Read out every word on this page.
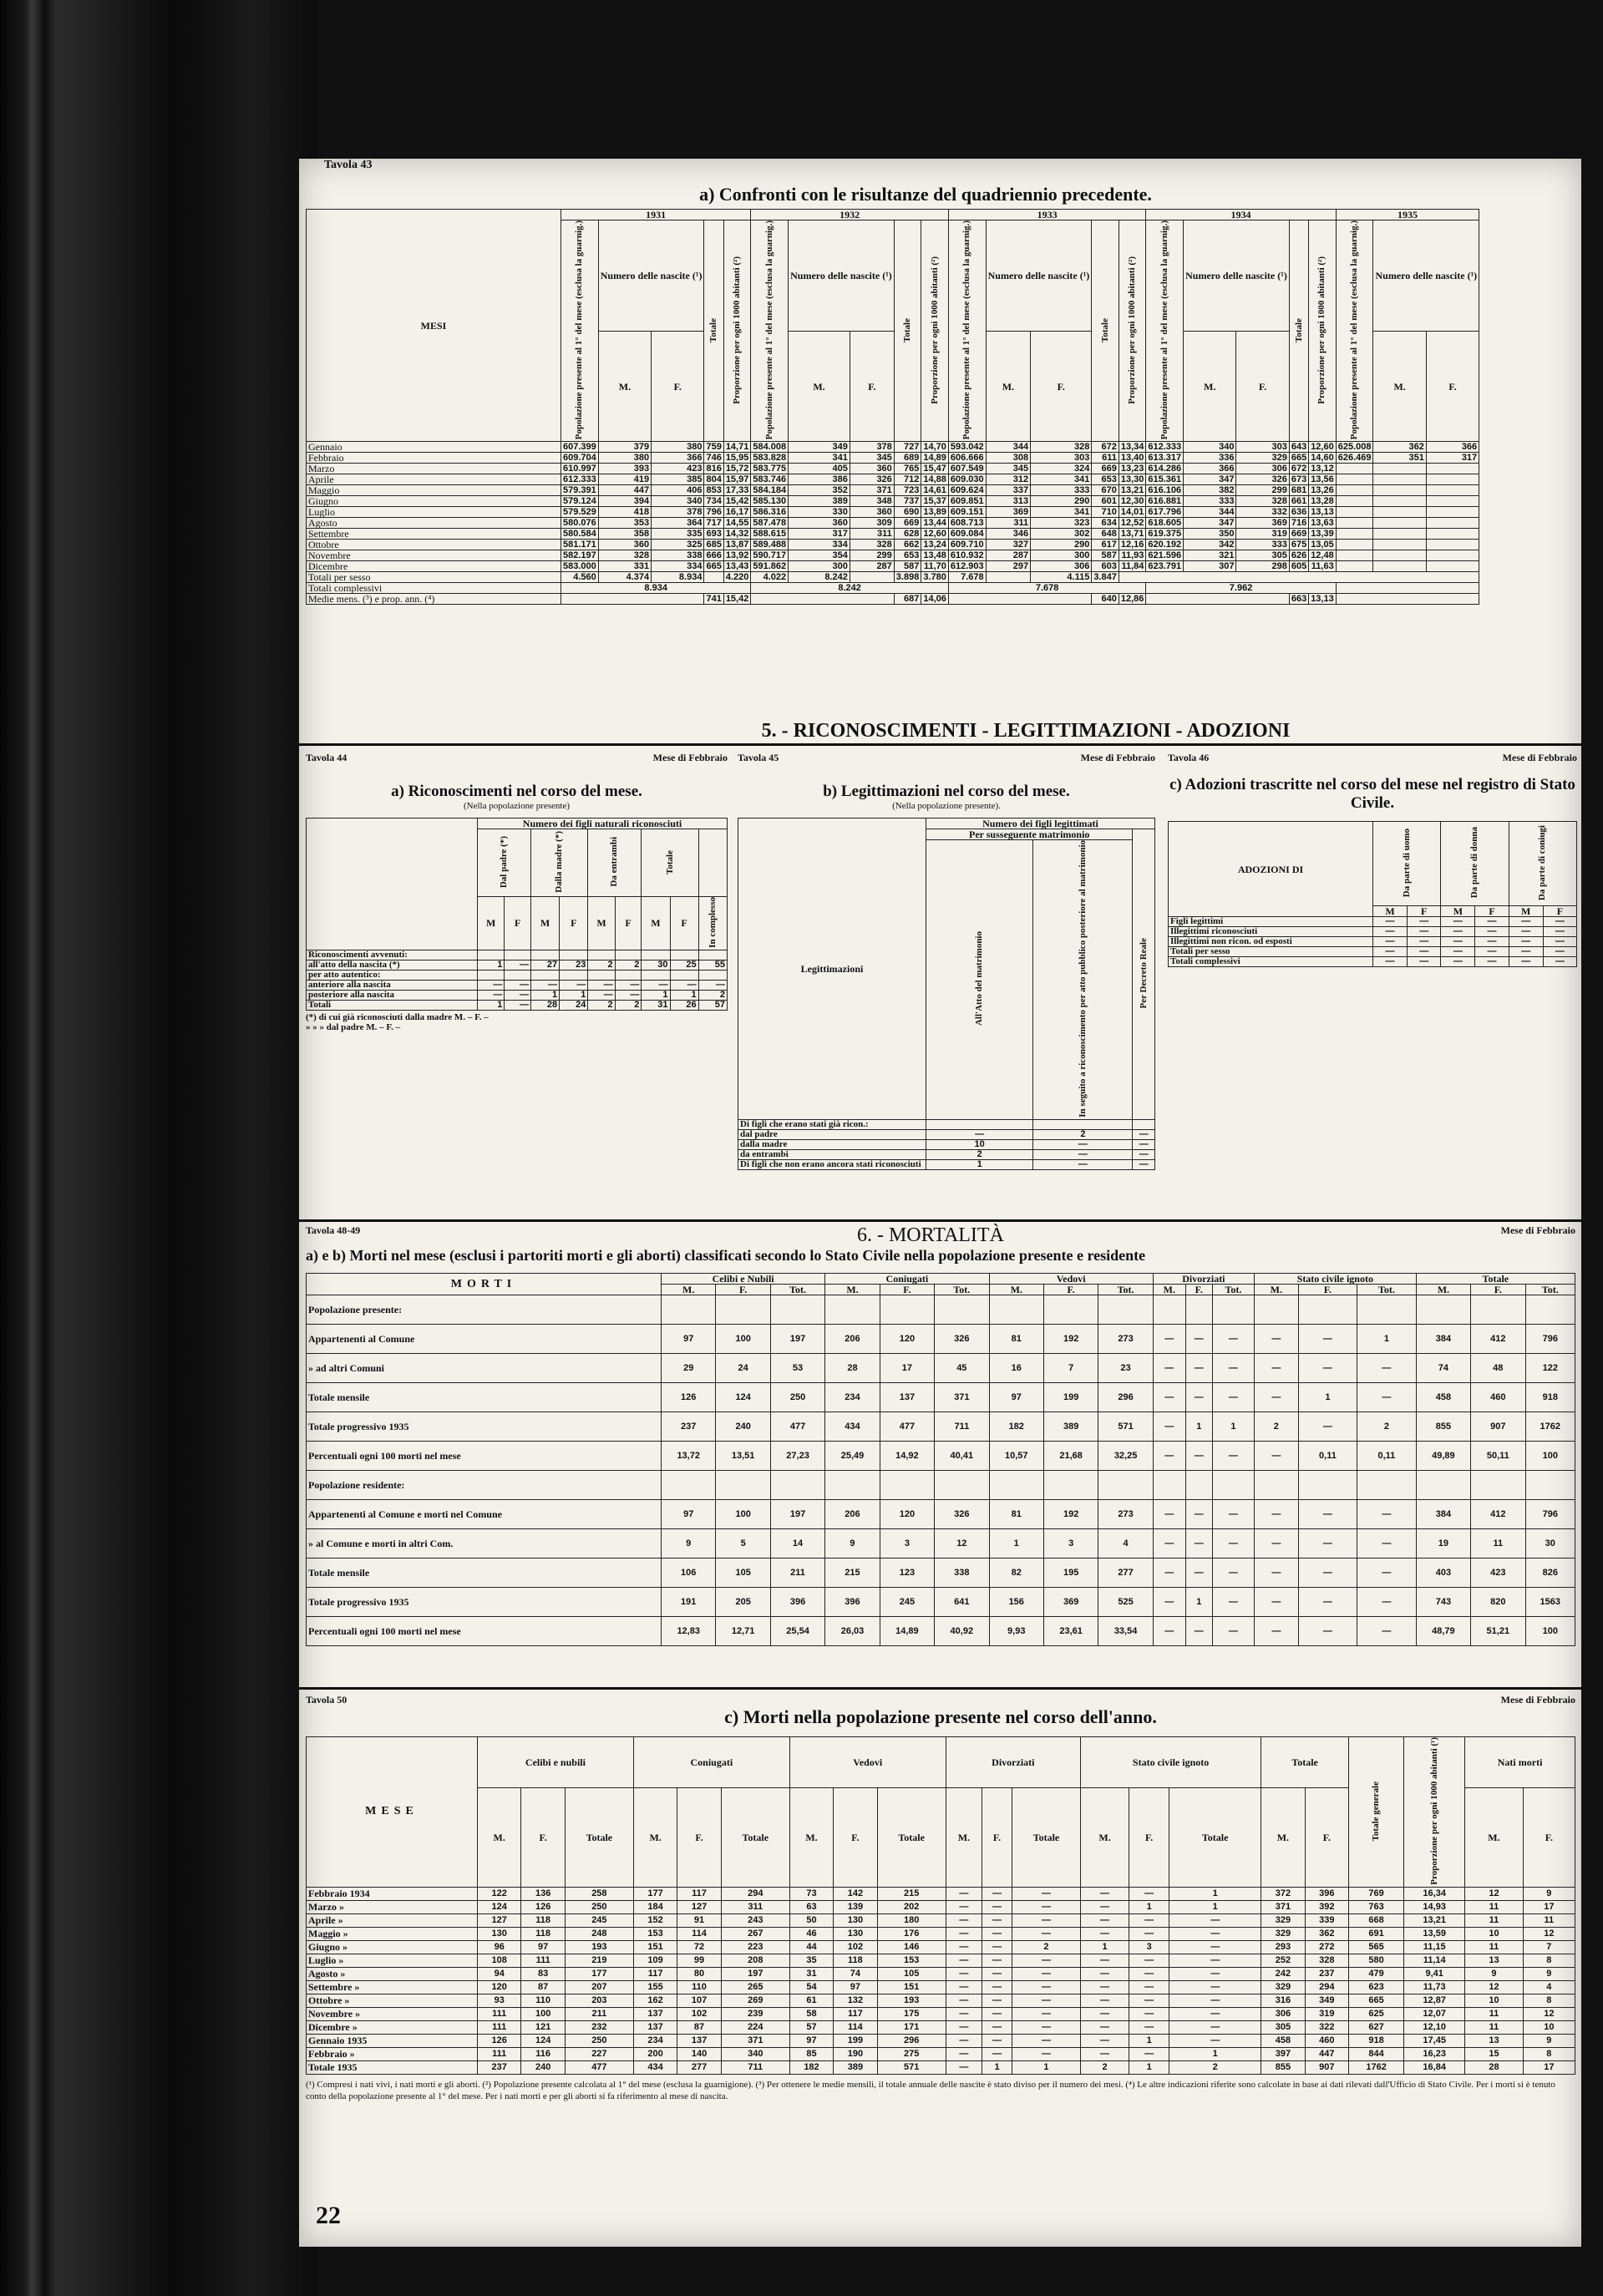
Tavola 43
a) Confronti con le risultanze del quadriennio precedente.
MESI	1931					1932					1933					1934					1935		
	Popolazione presente al 1° del mese (esclusa la guarnig.)	Numero delle nascite (¹)		Totale	Proporzione per ogni 1000 abitanti (²)	Popolazione presente al 1° del mese (esclusa la guarnig.)	Numero delle nascite (¹)		Totale	Proporzione per ogni 1000 abitanti (²)	Popolazione presente al 1° del mese (esclusa la guarnig.)	Numero delle nascite (¹)		Totale	Proporzione per ogni 1000 abitanti (²)	Popolazione presente al 1° del mese (esclusa la guarnig.)	Numero delle nascite (¹)		Totale	Proporzione per ogni 1000 abitanti (²)	Popolazione presente al 1° del mese (esclusa la guarnig.)	Numero delle nascite (¹)	
		M.	F.				M.	F.				M.	F.				M.	F.				M.	F.
Gennaio	607.399	379	380	759	14,71	584.008	349	378	727	14,70	593.042	344	328	672	13,34	612.333	340	303	643	12,60	625.008	362	366
Febbraio	609.704	380	366	746	15,95	583.828	341	345	689	14,89	606.666	308	303	611	13,40	613.317	336	329	665	14,60	626.469	351	317
Marzo	610.997	393	423	816	15,72	583.775	405	360	765	15,47	607.549	345	324	669	13,23	614.286	366	306	672	13,12			
Aprile	612.333	419	385	804	15,97	583.746	386	326	712	14,88	609.030	312	341	653	13,30	615.361	347	326	673	13,56			
Maggio	579.391	447	406	853	17,33	584.184	352	371	723	14,61	609.624	337	333	670	13,21	616.106	382	299	681	13,26			
Giugno	579.124	394	340	734	15,42	585.130	389	348	737	15,37	609.851	313	290	601	12,30	616.881	333	328	661	13,28			
Luglio	579.529	418	378	796	16,17	586.316	330	360	690	13,89	609.151	369	341	710	14,01	617.796	344	332	636	13,13			
Agosto	580.076	353	364	717	14,55	587.478	360	309	669	13,44	608.713	311	323	634	12,52	618.605	347	369	716	13,63			
Settembre	580.584	358	335	693	14,32	588.615	317	311	628	12,60	609.084	346	302	648	13,71	619.375	350	319	669	13,39			
Ottobre	581.171	360	325	685	13,87	589.488	334	328	662	13,24	609.710	327	290	617	12,16	620.192	342	333	675	13,05			
Novembre	582.197	328	338	666	13,92	590.717	354	299	653	13,48	610.932	287	300	587	11,93	621.596	321	305	626	12,48			
Dicembre	583.000	331	334	665	13,43	591.862	300	287	587	11,70	612.903	297	306	603	11,84	623.791	307	298	605	11,63			
Totali per sesso	4.560	4.374	8.934		4.220	4.022	8.242		3.898	3.780	7.678		4.115	3.847									
Totali complessivi	8.934					8.242					7.678					7.962							
Medie mens. (³) e prop. ann. (⁴)				741	15,42				687	14,06				640	12,86				663	13,13			
5. - RICONOSCIMENTI - LEGITTIMAZIONI - ADOZIONI
Tavola 44	Mese di Febbraio
a) Riconoscimenti nel corso del mese.
(Nella popolazione presente)
	Numero dei figli naturali riconosciuti								
	Dal padre (*)		Dalla madre (*)		Da entrambi		Totale		
	M	F	M	F	M	F	M	F	In complesso
Riconoscimenti avvenuti:									
all'atto della nascita (*)	1	—	27	23	2	2	30	25	55
per atto autentico:									
anteriore alla nascita	—	—	—	—	—	—	—	—	—
posteriore alla nascita	—	—	1	1	—	—	1	1	2
Totali	1	—	28	24	2	2	31	26	57
(*) di cui già riconosciuti dalla madre M. – F. –
» » » dal padre M. – F. –
Tavola 45	Mese di Febbraio
b) Legittimazioni nel corso del mese.
(Nella popolazione presente).
Legittimazioni	Numero dei figli legittimati		
	Per susseguente matrimonio		Per Decreto Reale
	All'Atto del matrimonio	In seguito a riconoscimento per atto pubblico posteriore al matrimonio	
Di figli che erano stati già ricon.:			
dal padre	—	2	—
dalla madre	10	—	—
da entrambi	2	—	—
Di figli che non erano ancora stati riconosciuti	1	—	—
Tavola 46	Mese di Febbraio
c) Adozioni trascritte nel corso del mese nel registro di Stato Civile.
ADOZIONI DI	Da parte di uomo		Da parte di donna		Da parte di coniugi	
	M	F	M	F	M	F
Figli legittimi	—	—	—	—	—	—
Illegittimi riconosciuti	—	—	—	—	—	—
Illegittimi non ricon. od esposti	—	—	—	—	—	—
Totali per sesso	—	—	—	—	—	—
Totali complessivi	—	—	—	—	—	—
Tavola 48-49	6. - MORTALITÀ	Mese di Febbraio
a) e b) Morti nel mese (esclusi i partoriti morti e gli aborti) classificati secondo lo Stato Civile nella popolazione presente e residente
MORTI	Celibi e Nubili			Coniugati			Vedovi			Divorziati			Stato civile ignoto			Totale		
	M.	F.	Tot.	M.	F.	Tot.	M.	F.	Tot.	M.	F.	Tot.	M.	F.	Tot.	M.	F.	Tot.
Popolazione presente:																		
Appartenenti al Comune	97	100	197	206	120	326	81	192	273	—	—	—	—	—	1	384	412	796
» ad altri Comuni	29	24	53	28	17	45	16	7	23	—	—	—	—	—	—	74	48	122
Totale mensile	126	124	250	234	137	371	97	199	296	—	—	—	—	1	—	458	460	918
Totale progressivo 1935	237	240	477	434	477	711	182	389	571	—	1	1	2	—	2	855	907	1762
Percentuali ogni 100 morti nel mese	13,72	13,51	27,23	25,49	14,92	40,41	10,57	21,68	32,25	—	—	—	—	0,11	0,11	49,89	50,11	100
Popolazione residente:																		
Appartenenti al Comune e morti nel Comune	97	100	197	206	120	326	81	192	273	—	—	—	—	—	—	384	412	796
» al Comune e morti in altri Com.	9	5	14	9	3	12	1	3	4	—	—	—	—	—	—	19	11	30
Totale mensile	106	105	211	215	123	338	82	195	277	—	—	—	—	—	—	403	423	826
Totale progressivo 1935	191	205	396	396	245	641	156	369	525	—	1	—	—	—	—	743	820	1563
Percentuali ogni 100 morti nel mese	12,83	12,71	25,54	26,03	14,89	40,92	9,93	23,61	33,54	—	—	—	—	—	—	48,79	51,21	100
Tavola 50	Mese di Febbraio
c) Morti nella popolazione presente nel corso dell'anno.
MESE	Celibi e nubili			Coniugati			Vedovi			Divorziati			Stato civile ignoto			Totale		Totale generale	Proporzione per ogni 1000 abitanti (¹)	Nati morti	
	M.	F.	Totale	M.	F.	Totale	M.	F.	Totale	M.	F.	Totale	M.	F.	Totale	M.	F.			M.	F.
Febbraio 1934	122	136	258	177	117	294	73	142	215	—	—	—	—	—	1	372	396	769	16,34	12	9
Marzo »	124	126	250	184	127	311	63	139	202	—	—	—	—	1	1	371	392	763	14,93	11	17
Aprile »	127	118	245	152	91	243	50	130	180	—	—	—	—	—	—	329	339	668	13,21	11	11
Maggio »	130	118	248	153	114	267	46	130	176	—	—	—	—	—	—	329	362	691	13,59	10	12
Giugno »	96	97	193	151	72	223	44	102	146	—	—	2	1	3	—	293	272	565	11,15	11	7
Luglio »	108	111	219	109	99	208	35	118	153	—	—	—	—	—	—	252	328	580	11,14	13	8
Agosto »	94	83	177	117	80	197	31	74	105	—	—	—	—	—	—	242	237	479	9,41	9	9
Settembre »	120	87	207	155	110	265	54	97	151	—	—	—	—	—	—	329	294	623	11,73	12	4
Ottobre »	93	110	203	162	107	269	61	132	193	—	—	—	—	—	—	316	349	665	12,87	10	8
Novembre »	111	100	211	137	102	239	58	117	175	—	—	—	—	—	—	306	319	625	12,07	11	12
Dicembre »	111	121	232	137	87	224	57	114	171	—	—	—	—	—	—	305	322	627	12,10	11	10
Gennaio 1935	126	124	250	234	137	371	97	199	296	—	—	—	—	1	—	458	460	918	17,45	13	9
Febbraio »	111	116	227	200	140	340	85	190	275	—	—	—	—	—	1	397	447	844	16,23	15	8
Totale 1935	237	240	477	434	277	711	182	389	571	—	1	1	2	1	2	855	907	1762	16,84	28	17
(¹) Compresi i nati vivi, i nati morti e gli aborti. (²) Popolazione presente calcolata al 1° del mese (esclusa la guarnigione). (³) Per ottenere le medie mensili, il totale annuale delle nascite è stato diviso per il numero dei mesi. (⁴) Le altre indicazioni riferite sono calcolate in base ai dati rilevati dall'Ufficio di Stato Civile. Per i morti si è tenuto conto della popolazione presente al 1° del mese. Per i nati morti e per gli aborti si fa riferimento al mese di nascita.
22
